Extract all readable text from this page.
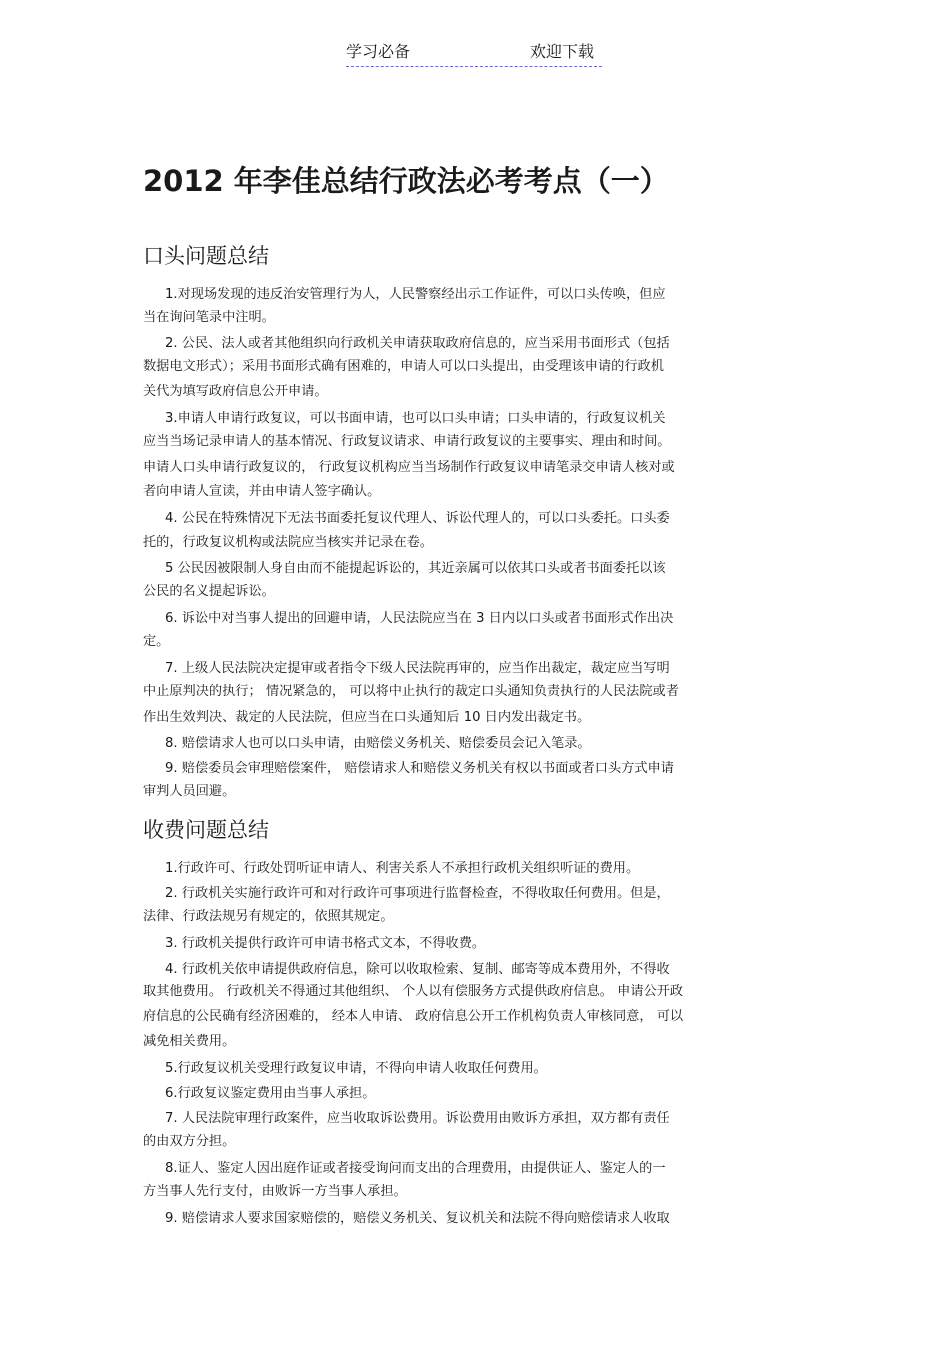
学习必备	欢迎下载
2012 年李佳总结行政法必考考点（一）
口头问题总结
1.对现场发现的违反治安管理行为人，人民警察经出示工作证件，可以口头传唤，但应
当在询问笔录中注明。
2. 公民、法人或者其他组织向行政机关申请获取政府信息的，应当采用书面形式（包括
数据电文形式）；采用书面形式确有困难的，申请人可以口头提出，由受理该申请的行政机
关代为填写政府信息公开申请。
3.申请人申请行政复议，可以书面申请，也可以口头申请；口头申请的，行政复议机关
应当当场记录申请人的基本情况、行政复议请求、申请行政复议的主要事实、理由和时间。
申请人口头申请行政复议的， 行政复议机构应当当场制作行政复议申请笔录交申请人核对或
者向申请人宣读，并由申请人签字确认。
4. 公民在特殊情况下无法书面委托复议代理人、诉讼代理人的，可以口头委托。口头委
托的，行政复议机构或法院应当核实并记录在卷。
5 公民因被限制人身自由而不能提起诉讼的，其近亲属可以依其口头或者书面委托以该
公民的名义提起诉讼。
6. 诉讼中对当事人提出的回避申请，人民法院应当在 3 日内以口头或者书面形式作出决
定。
7. 上级人民法院决定提审或者指令下级人民法院再审的，应当作出裁定，裁定应当写明
中止原判决的执行； 情况紧急的， 可以将中止执行的裁定口头通知负责执行的人民法院或者
作出生效判决、裁定的人民法院，但应当在口头通知后 10 日内发出裁定书。
8. 赔偿请求人也可以口头申请，由赔偿义务机关、赔偿委员会记入笔录。
9. 赔偿委员会审理赔偿案件， 赔偿请求人和赔偿义务机关有权以书面或者口头方式申请
审判人员回避。
收费问题总结
1.行政许可、行政处罚听证申请人、利害关系人不承担行政机关组织听证的费用。
2. 行政机关实施行政许可和对行政许可事项进行监督检查，不得收取任何费用。但是，
法律、行政法规另有规定的，依照其规定。
3. 行政机关提供行政许可申请书格式文本，不得收费。
4. 行政机关依申请提供政府信息，除可以收取检索、复制、邮寄等成本费用外，不得收
取其他费用。 行政机关不得通过其他组织、 个人以有偿服务方式提供政府信息。 申请公开政
府信息的公民确有经济困难的， 经本人申请、 政府信息公开工作机构负责人审核同意， 可以
减免相关费用。
5.行政复议机关受理行政复议申请，不得向申请人收取任何费用。
6.行政复议鉴定费用由当事人承担。
7. 人民法院审理行政案件，应当收取诉讼费用。诉讼费用由败诉方承担，双方都有责任
的由双方分担。
8.证人、鉴定人因出庭作证或者接受询问而支出的合理费用，由提供证人、鉴定人的一
方当事人先行支付，由败诉一方当事人承担。
9. 赔偿请求人要求国家赔偿的，赔偿义务机关、复议机关和法院不得向赔偿请求人收取
